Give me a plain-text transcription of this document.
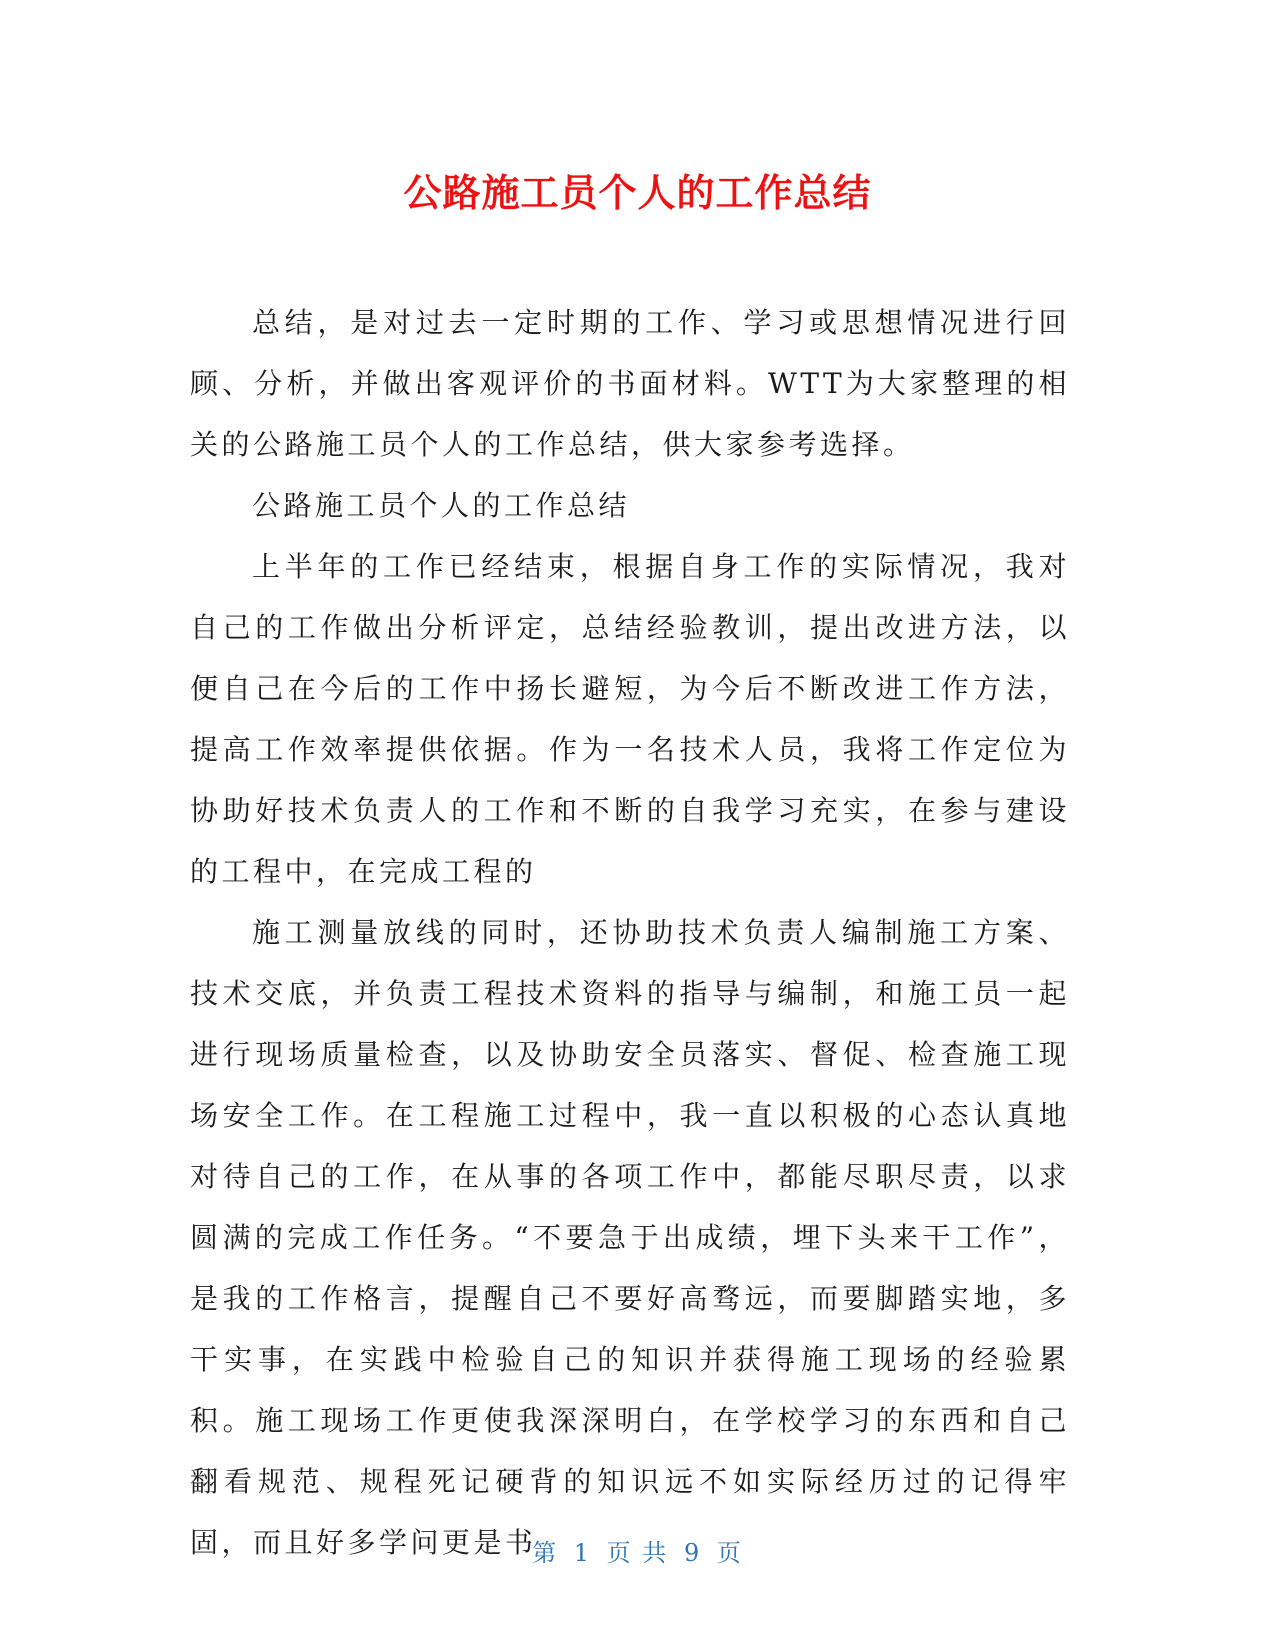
公路施工员个人的工作总结

总结，是对过去一定时期的工作、学习或思想情况进行回顾、分析，并做出客观评价的书面材料。WTT为大家整理的相关的公路施工员个人的工作总结，供大家参考选择。

公路施工员个人的工作总结

上半年的工作已经结束，根据自身工作的实际情况，我对自己的工作做出分析评定，总结经验教训，提出改进方法，以便自己在今后的工作中扬长避短，为今后不断改进工作方法，提高工作效率提供依据。作为一名技术人员，我将工作定位为协助好技术负责人的工作和不断的自我学习充实，在参与建设的工程中，在完成工程的

施工测量放线的同时，还协助技术负责人编制施工方案、技术交底，并负责工程技术资料的指导与编制，和施工员一起进行现场质量检查，以及协助安全员落实、督促、检查施工现场安全工作。在工程施工过程中，我一直以积极的心态认真地对待自己的工作，在从事的各项工作中，都能尽职尽责，以求圆满的完成工作任务。“不要急于出成绩，埋下头来干工作”，是我的工作格言，提醒自己不要好高骛远，而要脚踏实地，多干实事，在实践中检验自己的知识并获得施工现场的经验累积。施工现场工作更使我深深明白，在学校学习的东西和自己翻看规范、规程死记硬背的知识远不如实际经历过的记得牢固，而且好多学问更是书

第 1 页 共 9 页
